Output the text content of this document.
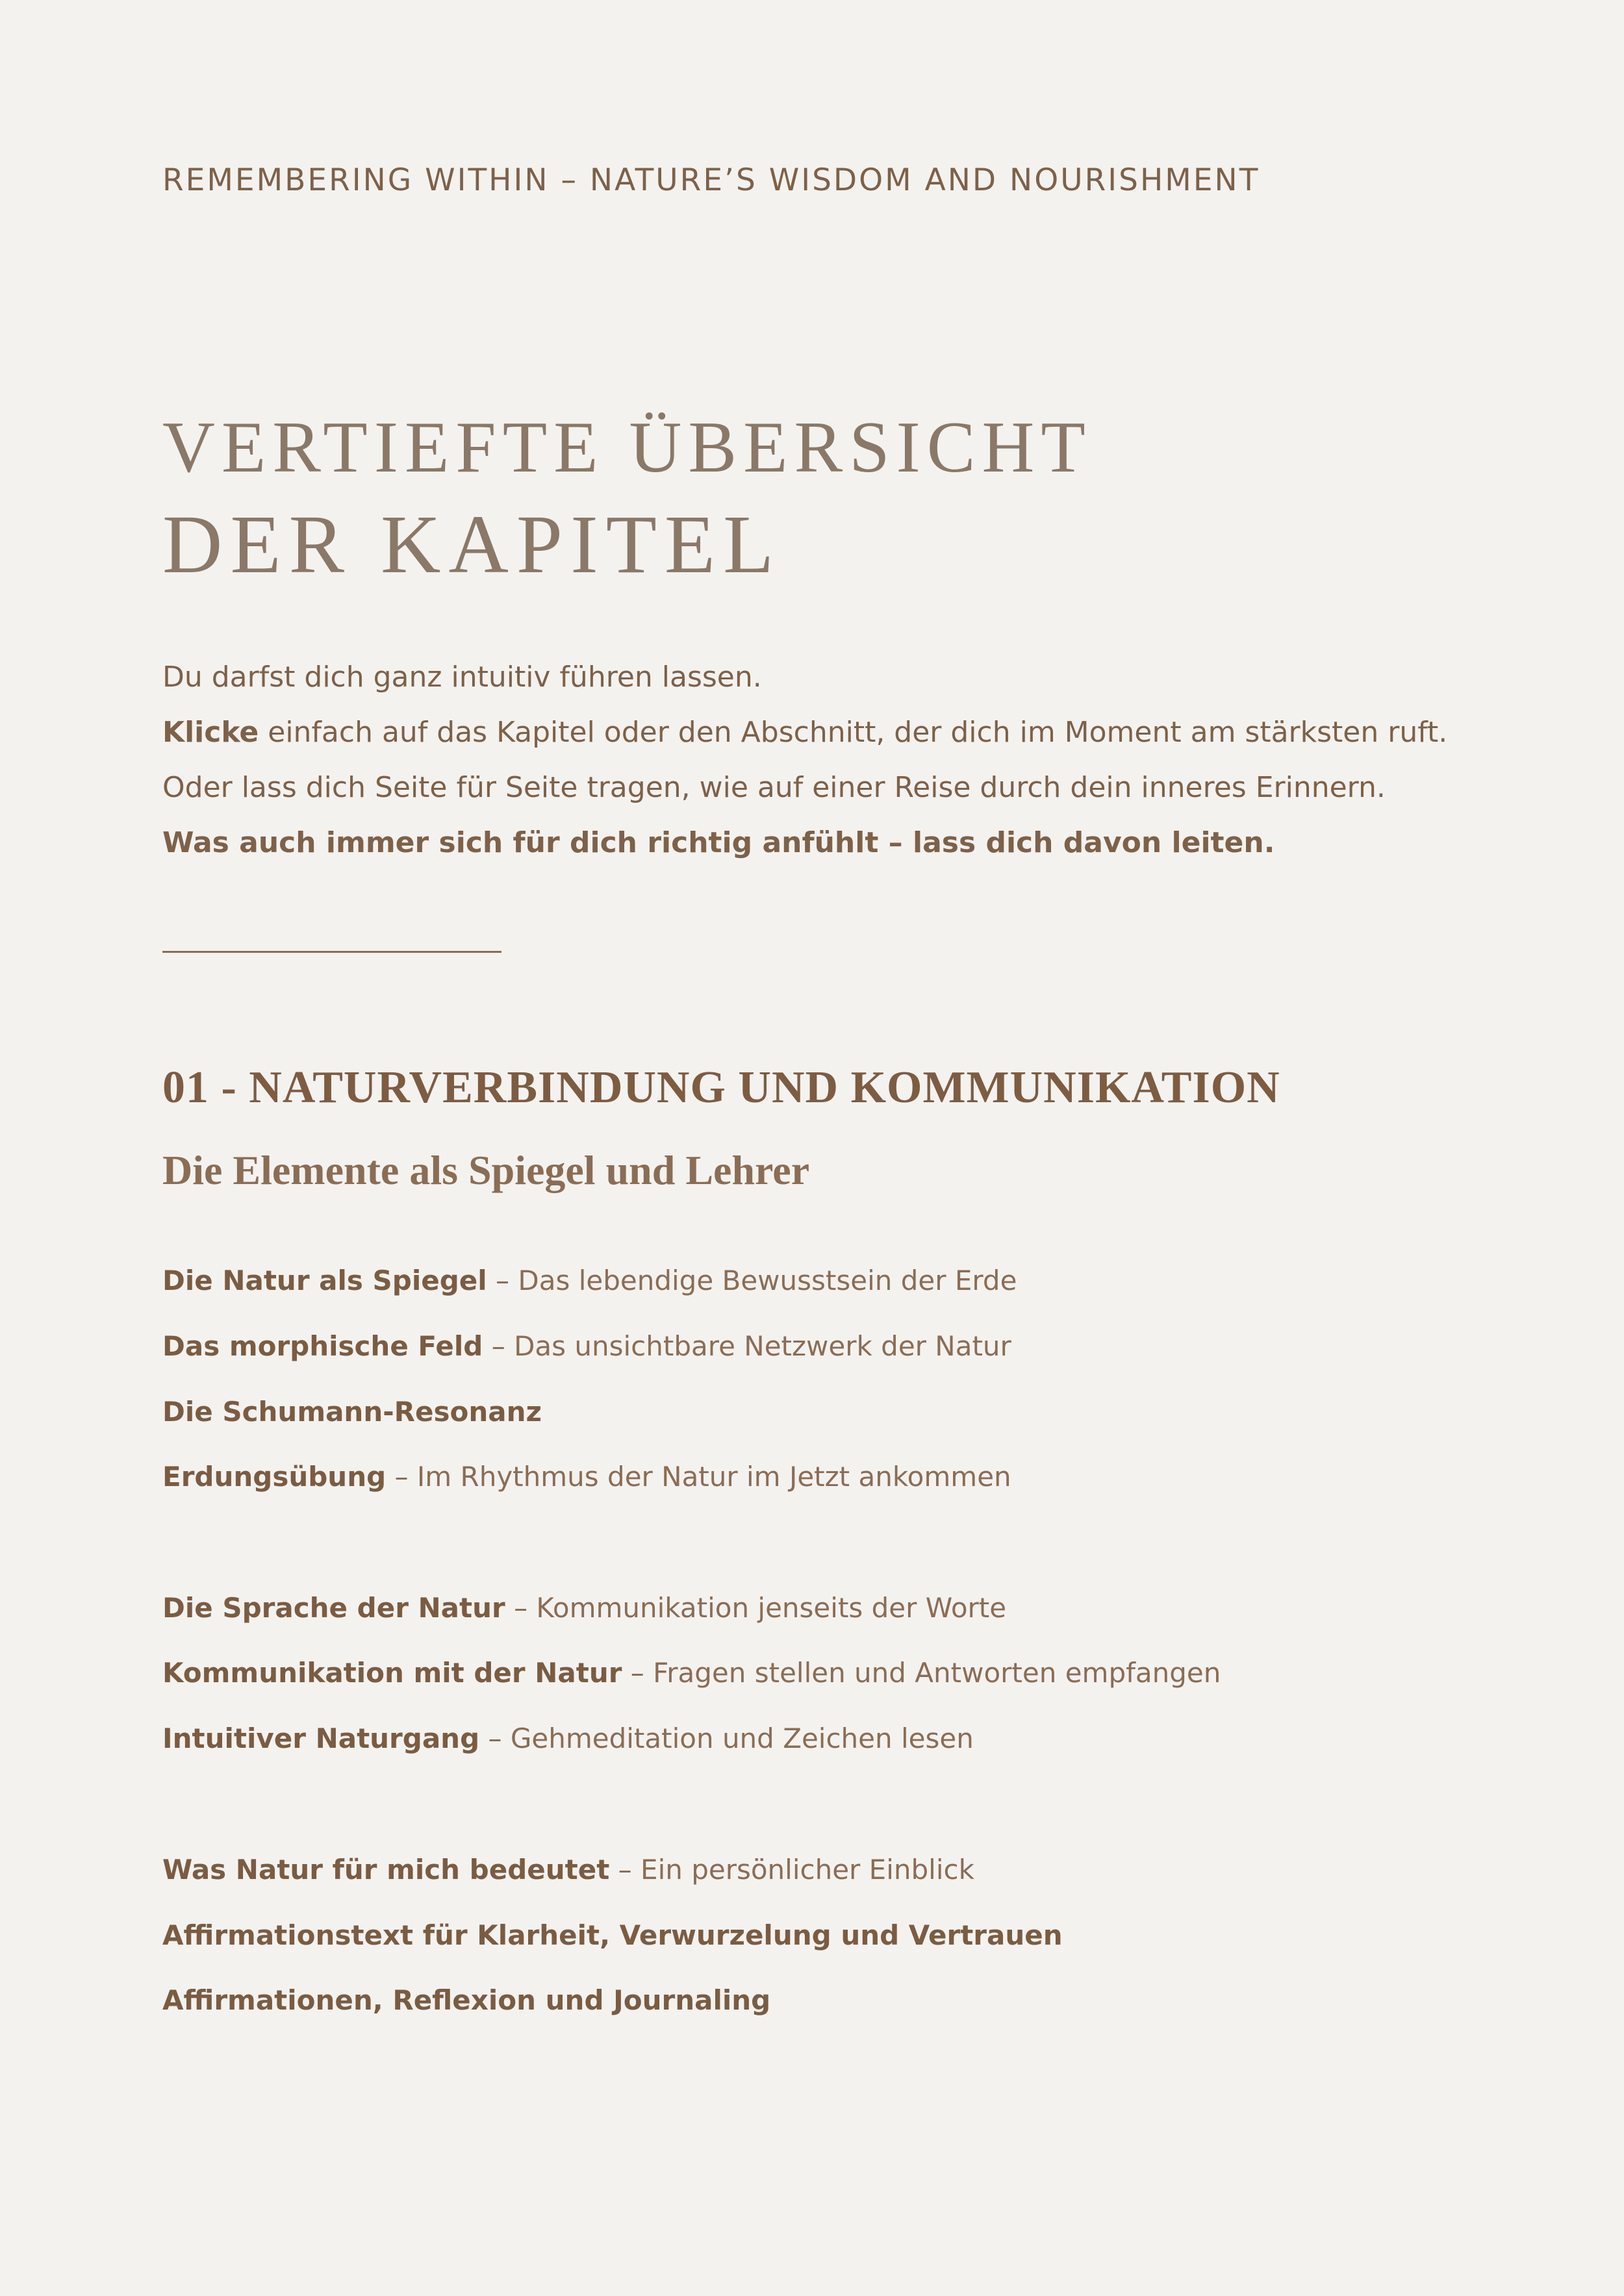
REMEMBERING WITHIN – NATURE’S WISDOM AND NOURISHMENT
VERTIEFTE ÜBERSICHT
DER KAPITEL

Du darfst dich ganz intuitiv führen lassen.

Klicke einfach auf das Kapitel oder den Abschnitt, der dich im Moment am stärksten ruft.

Oder lass dich Seite für Seite tragen, wie auf einer Reise durch dein inneres Erinnern.

Was auch immer sich für dich richtig anfühlt – lass dich davon leiten.

01 - NATURVERBINDUNG UND KOMMUNIKATION
Die Elemente als Spiegel und Lehrer
Die Natur als Spiegel – Das lebendige Bewusstsein der Erde
Das morphische Feld – Das unsichtbare Netzwerk der Natur
Die Schumann-Resonanz
Erdungsübung – Im Rhythmus der Natur im Jetzt ankommen
Die Sprache der Natur – Kommunikation jenseits der Worte
Kommunikation mit der Natur – Fragen stellen und Antworten empfangen
Intuitiver Naturgang – Gehmeditation und Zeichen lesen
Was Natur für mich bedeutet – Ein persönlicher Einblick
Affirmationstext für Klarheit, Verwurzelung und Vertrauen
Affirmationen, Reflexion und Journaling
